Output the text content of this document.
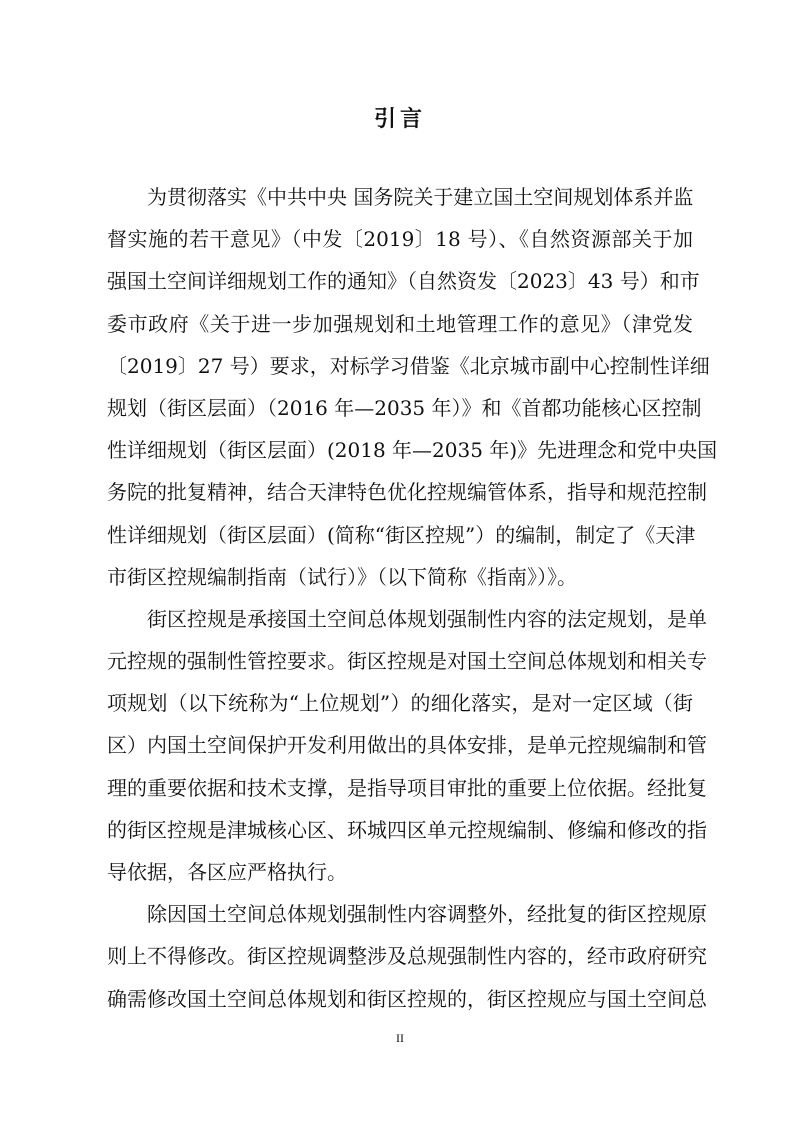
引言
为贯彻落实《中共中央 国务院关于建立国土空间规划体系并监
督实施的若干意见》（中发〔2019〕18 号）、《自然资源部关于加
强国土空间详细规划工作的通知》（自然资发〔2023〕43 号）和市
委市政府《关于进一步加强规划和土地管理工作的意见》（津党发
〔2019〕27 号）要求，对标学习借鉴《北京城市副中心控制性详细
规划（街区层面）（2016 年—2035 年）》和《首都功能核心区控制
性详细规划（街区层面）(2018 年—2035 年)》先进理念和党中央国
务院的批复精神，结合天津特色优化控规编管体系，指导和规范控制
性详细规划（街区层面）(简称“街区控规”）的编制，制定了《天津
市街区控规编制指南（试行）》（以下简称《指南》）》。
街区控规是承接国土空间总体规划强制性内容的法定规划，是单
元控规的强制性管控要求。街区控规是对国土空间总体规划和相关专
项规划（以下统称为“上位规划”）的细化落实，是对一定区域（街
区）内国土空间保护开发利用做出的具体安排，是单元控规编制和管
理的重要依据和技术支撑，是指导项目审批的重要上位依据。经批复
的街区控规是津城核心区、环城四区单元控规编制、修编和修改的指
导依据，各区应严格执行。
除因国土空间总体规划强制性内容调整外，经批复的街区控规原
则上不得修改。街区控规调整涉及总规强制性内容的，经市政府研究
确需修改国土空间总体规划和街区控规的，街区控规应与国土空间总
II
